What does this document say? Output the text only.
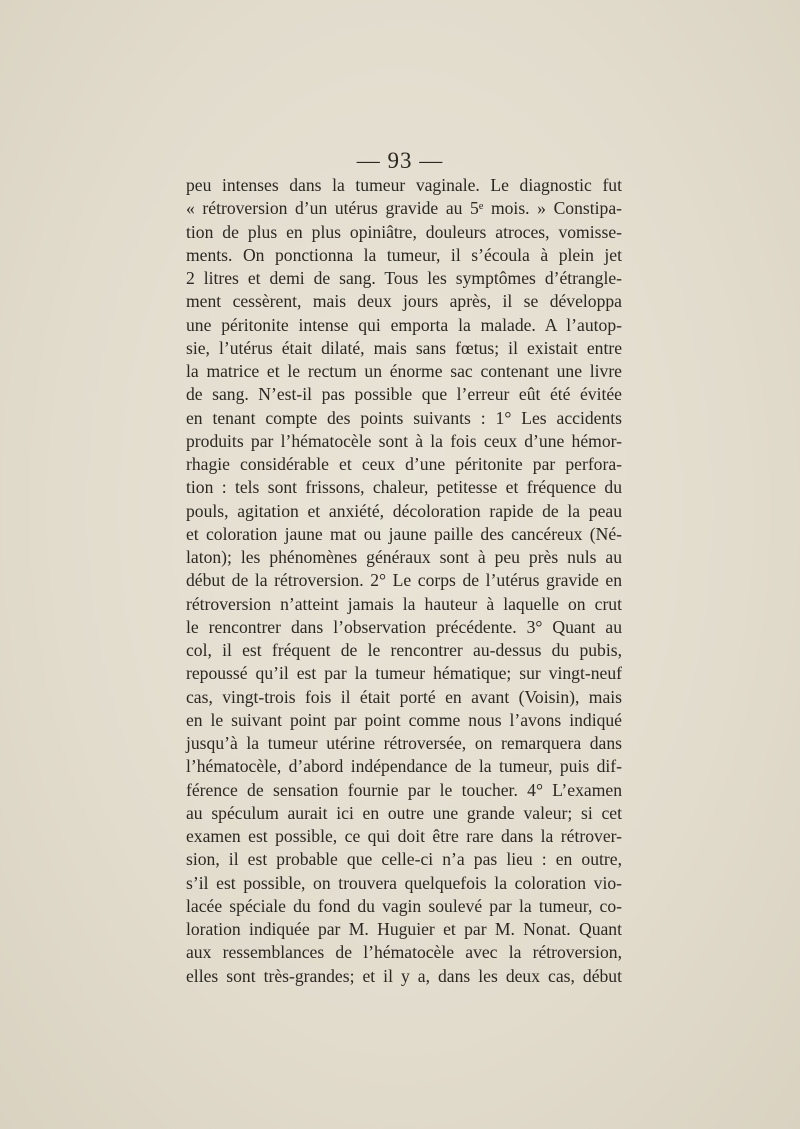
— 93 —
peu intenses dans la tumeur vaginale. Le diagnostic fut
« rétroversion d’un utérus gravide au 5ᵉ mois. » Constipa-
tion de plus en plus opiniâtre, douleurs atroces, vomisse-
ments. On ponctionna la tumeur, il s’écoula à plein jet
2 litres et demi de sang. Tous les symptômes d’étrangle-
ment cessèrent, mais deux jours après, il se développa
une péritonite intense qui emporta la malade. A l’autop-
sie, l’utérus était dilaté, mais sans fœtus; il existait entre
la matrice et le rectum un énorme sac contenant une livre
de sang. N’est-il pas possible que l’erreur eût été évitée
en tenant compte des points suivants : 1° Les accidents
produits par l’hématocèle sont à la fois ceux d’une hémor-
rhagie considérable et ceux d’une péritonite par perfora-
tion : tels sont frissons, chaleur, petitesse et fréquence du
pouls, agitation et anxiété, décoloration rapide de la peau
et coloration jaune mat ou jaune paille des cancéreux (Né-
laton); les phénomènes généraux sont à peu près nuls au
début de la rétroversion. 2° Le corps de l’utérus gravide en
rétroversion n’atteint jamais la hauteur à laquelle on crut
le rencontrer dans l’observation précédente. 3° Quant au
col, il est fréquent de le rencontrer au-dessus du pubis,
repoussé qu’il est par la tumeur hématique; sur vingt-neuf
cas, vingt-trois fois il était porté en avant (Voisin), mais
en le suivant point par point comme nous l’avons indiqué
jusqu’à la tumeur utérine rétroversée, on remarquera dans
l’hématocèle, d’abord indépendance de la tumeur, puis dif-
férence de sensation fournie par le toucher. 4° L’examen
au spéculum aurait ici en outre une grande valeur; si cet
examen est possible, ce qui doit être rare dans la rétrover-
sion, il est probable que celle-ci n’a pas lieu : en outre,
s’il est possible, on trouvera quelquefois la coloration vio-
lacée spéciale du fond du vagin soulevé par la tumeur, co-
loration indiquée par M. Huguier et par M. Nonat. Quant
aux ressemblances de l’hématocèle avec la rétroversion,
elles sont très-grandes; et il y a, dans les deux cas, début
